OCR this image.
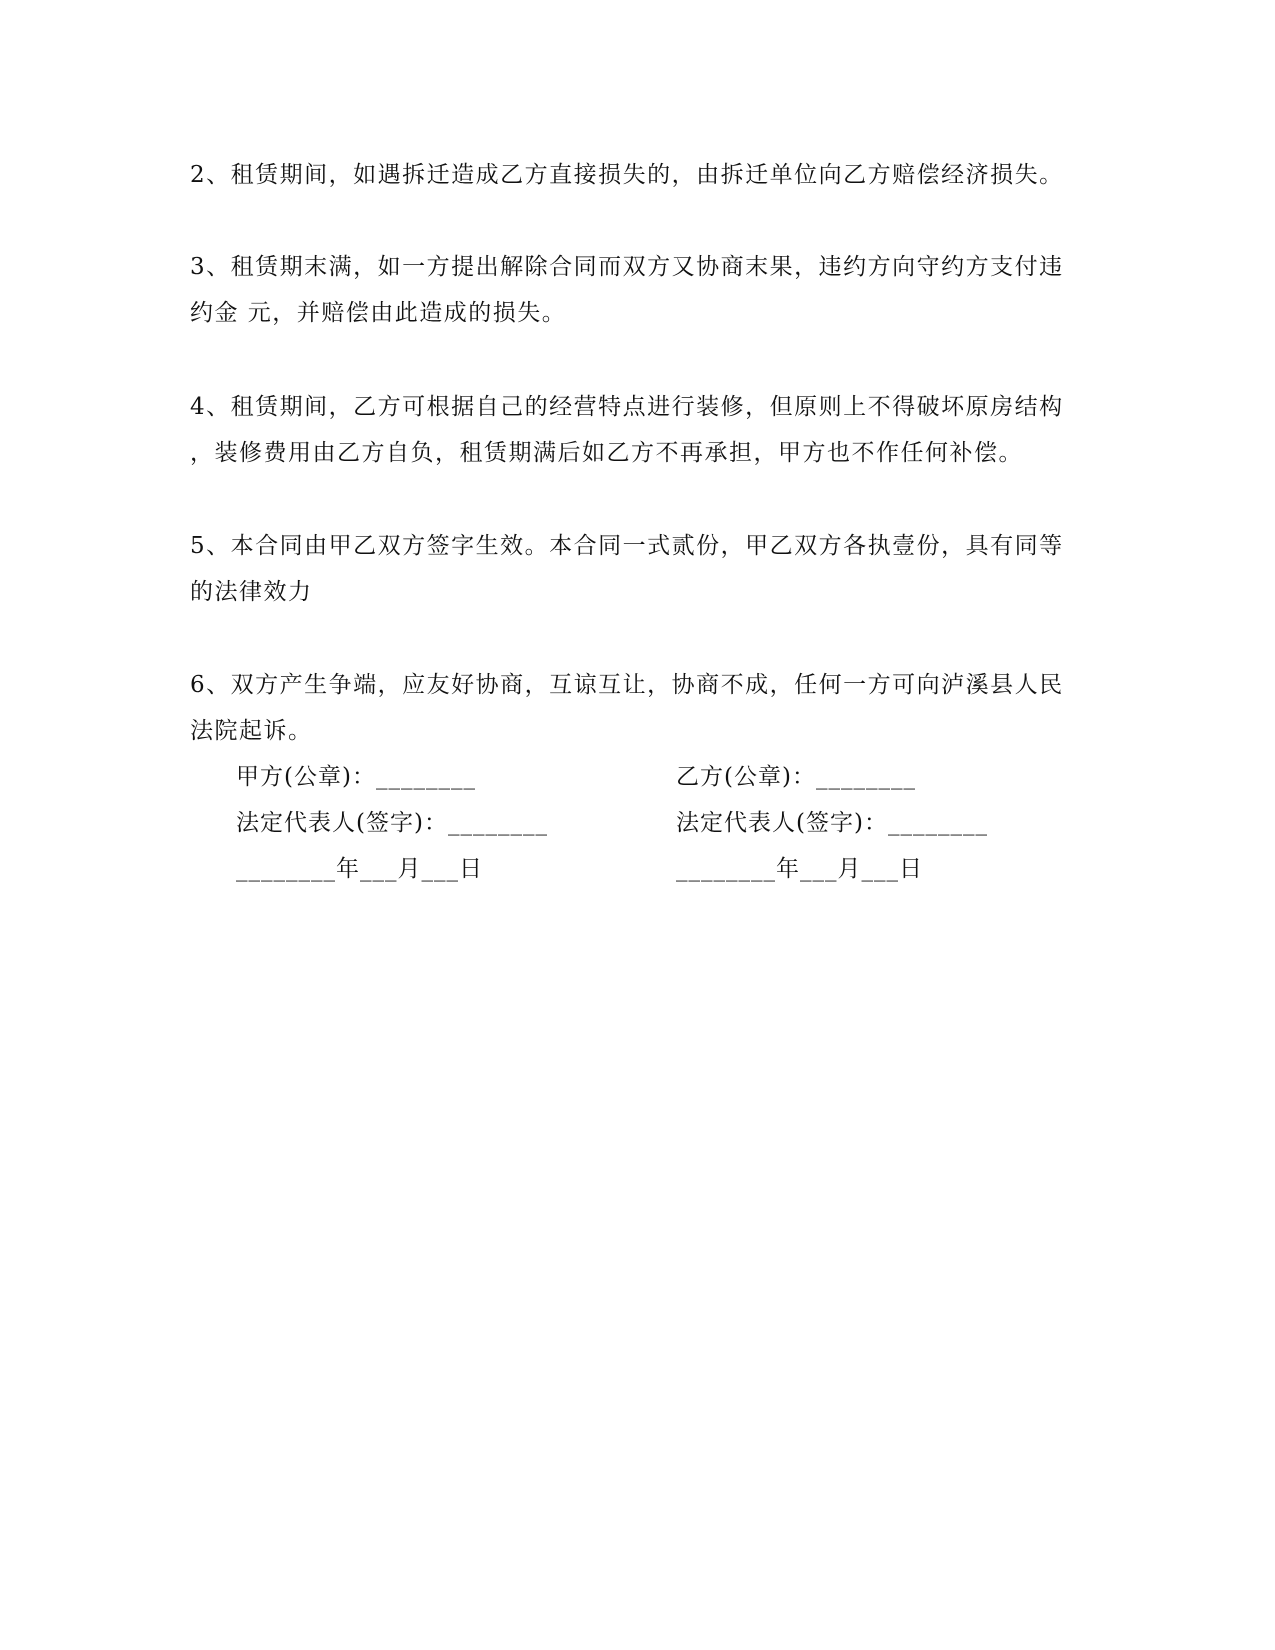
2、租赁期间，如遇拆迁造成乙方直接损失的，由拆迁单位向乙方赔偿经济损失。
3、租赁期末满，如一方提出解除合同而双方又协商末果，违约方向守约方支付违
约金 元，并赔偿由此造成的损失。
4、租赁期间，乙方可根据自己的经营特点进行装修，但原则上不得破坏原房结构
，装修费用由乙方自负，租赁期满后如乙方不再承担，甲方也不作任何补偿。
5、本合同由甲乙双方签字生效。本合同一式贰份，甲乙双方各执壹份，具有同等
的法律效力
6、双方产生争端，应友好协商，互谅互让，协商不成，任何一方可向泸溪县人民
法院起诉。
甲方(公章)：________
法定代表人(签字)：________
________年___月___日
乙方(公章)：________
法定代表人(签字)：________
________年___月___日
